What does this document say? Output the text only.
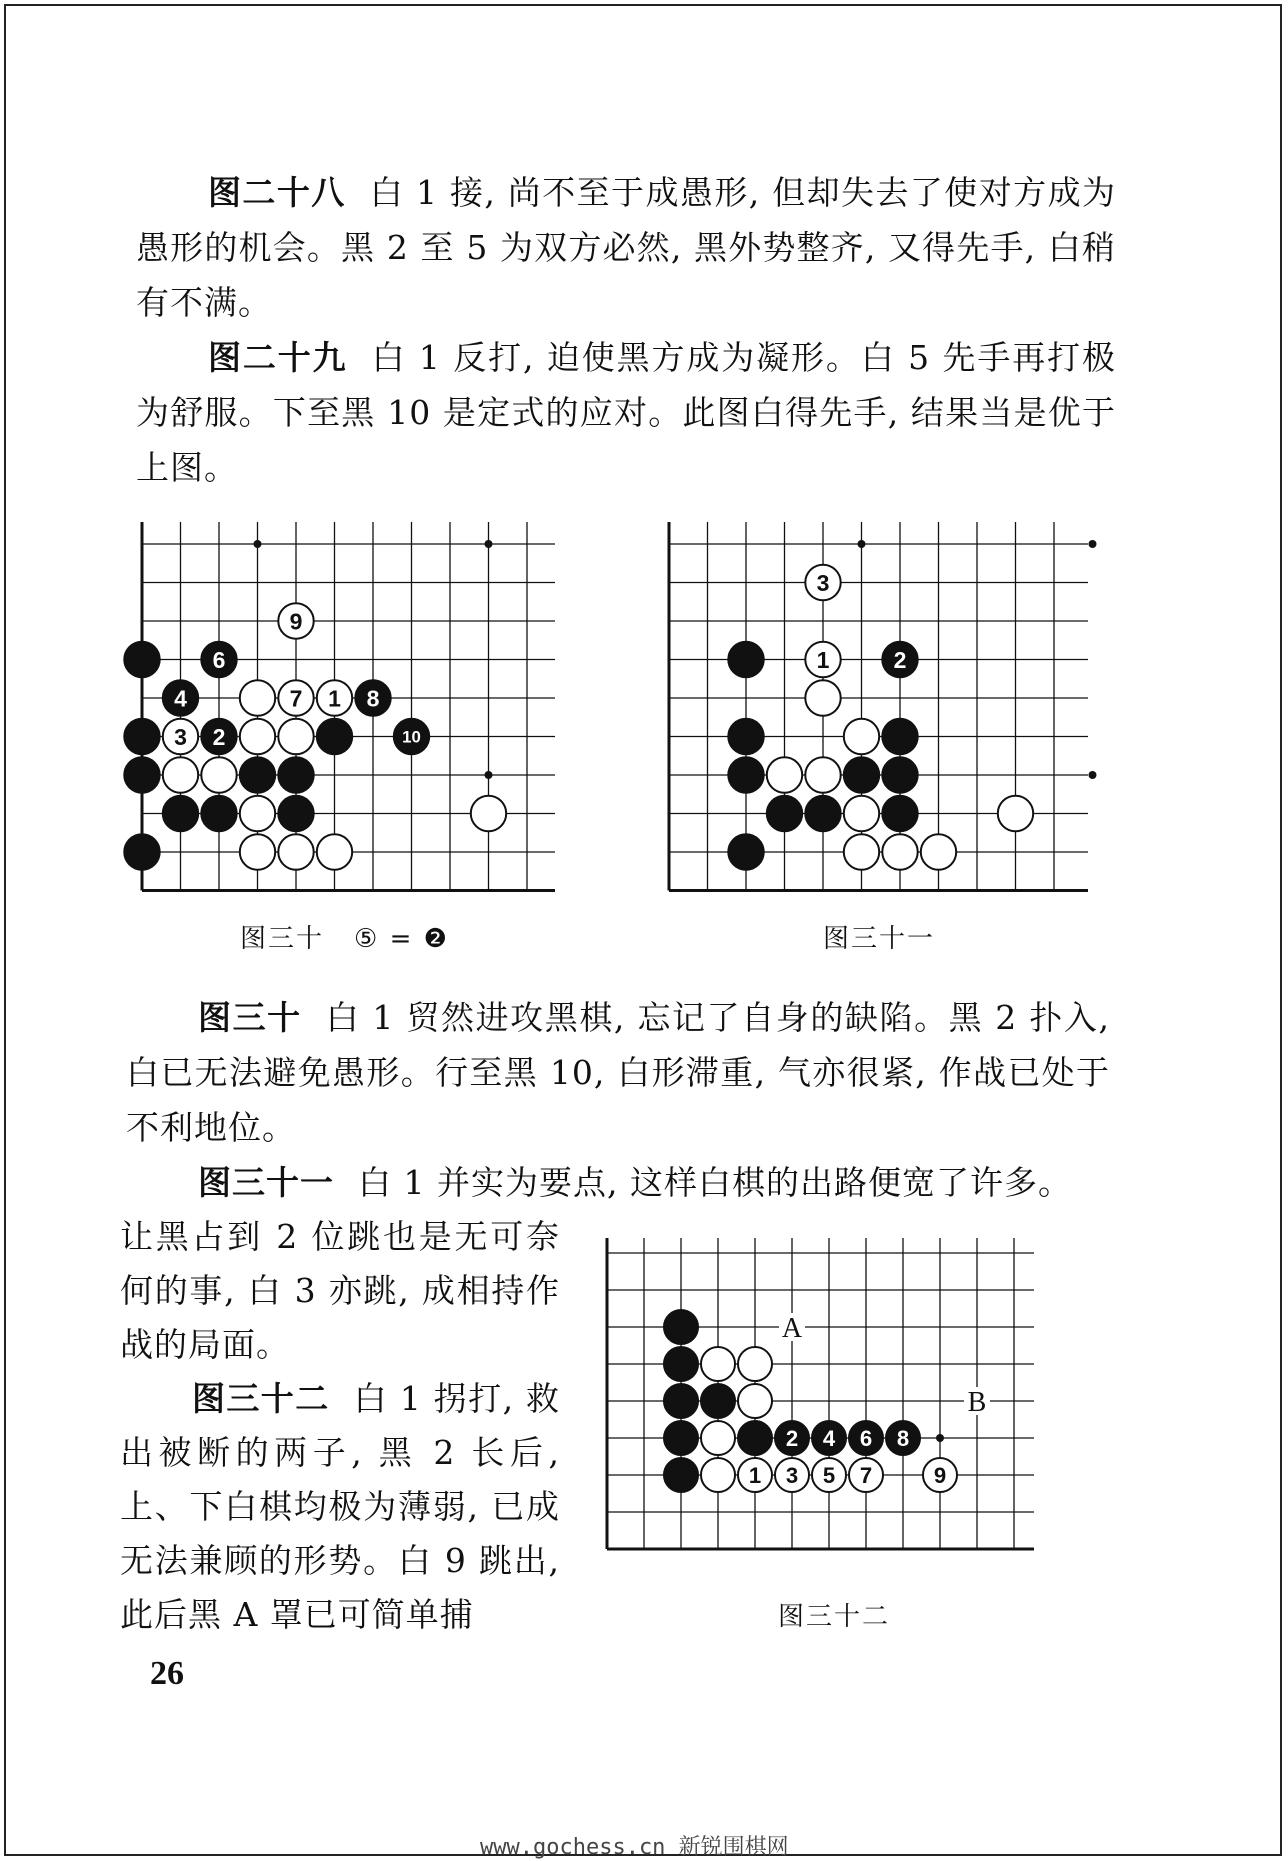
图二十八 白 1 接, 尚不至于成愚形, 但却失去了使对方成为愚形的机会。黑 2 至 5 为双方必然, 黑外势整齐, 又得先手, 白稍有不满。

图二十九 白 1 反打, 迫使黑方成为凝形。白 5 先手再打极为舒服。下至黑 10 是定式的应对。此图白得先手, 结果当是优于上图。

9
6
4	7 1 8
3 2	10
图三十 ⑤ = ❷
3
1	2
图三十一

图三十 白 1 贸然进攻黑棋, 忘记了自身的缺陷。黑 2 扑入, 白已无法避免愚形。行至黑 10, 白形滞重, 气亦很紧, 作战已处于不利地位。

图三十一 白 1 并实为要点, 这样白棋的出路便宽了许多。

让黑占到 2 位跳也是无可奈何的事, 白 3 亦跳, 成相持作战的局面。

图三十二 白 1 拐打, 救出被断的两子, 黑 2 长后, 上、下白棋均极为薄弱, 已成无法兼顾的形势。白 9 跳出, 此后黑 A 罩已可简单捕

A
B
2 4 6 8
1 3 5 7	9
图三十二
26
www.gochess.cn 新锐围棋网
